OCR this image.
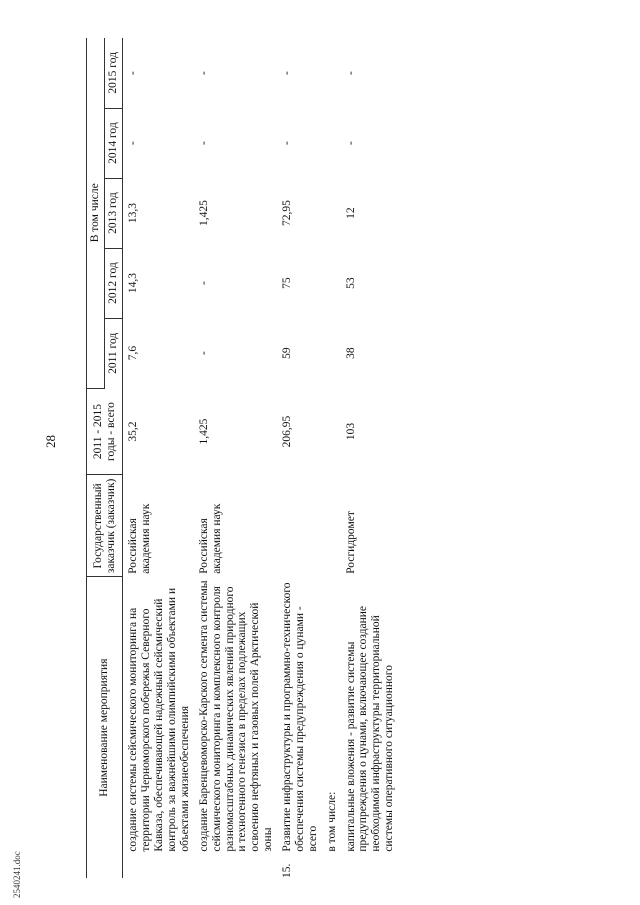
28
Наименование мероприятия		Государственный заказчик (заказчик)	2011 - 2015 годы - всего	В том числе				
				2011 год	2012 год	2013 год	2014 год	2015 год
	создание системы сейсмического мониторинга на территории Черноморского побережья Северного Кавказа, обеспечивающей надежный сейсмический контроль за важнейшими олимпийскими объектами и объектами жизнеобеспечения	Российская академия наук	35,2	7,6	14,3	13,3	-	-
	создание Баренцевоморско-Карского сегмента системы сейсмического мониторинга и комплексного контроля разномасштабных динамических явлений природного и техногенного генезиса в пределах подлежащих освоению нефтяных и газовых полей Арктической зоны	Российская академия наук	1,425	-	-	1,425	-	-
15.	Развитие инфраструктуры и программно-технического обеспечения системы предупреждения о цунами - всего		206,95	59	75	72,95	-	-
	в том числе:							
	капитальные вложения - развитие системы предупреждения о цунами, включающее создание необходимой инфраструктуры территориальной системы оперативного ситуационного	Росгидромет	103	38	53	12	-	-
2540241.doc
